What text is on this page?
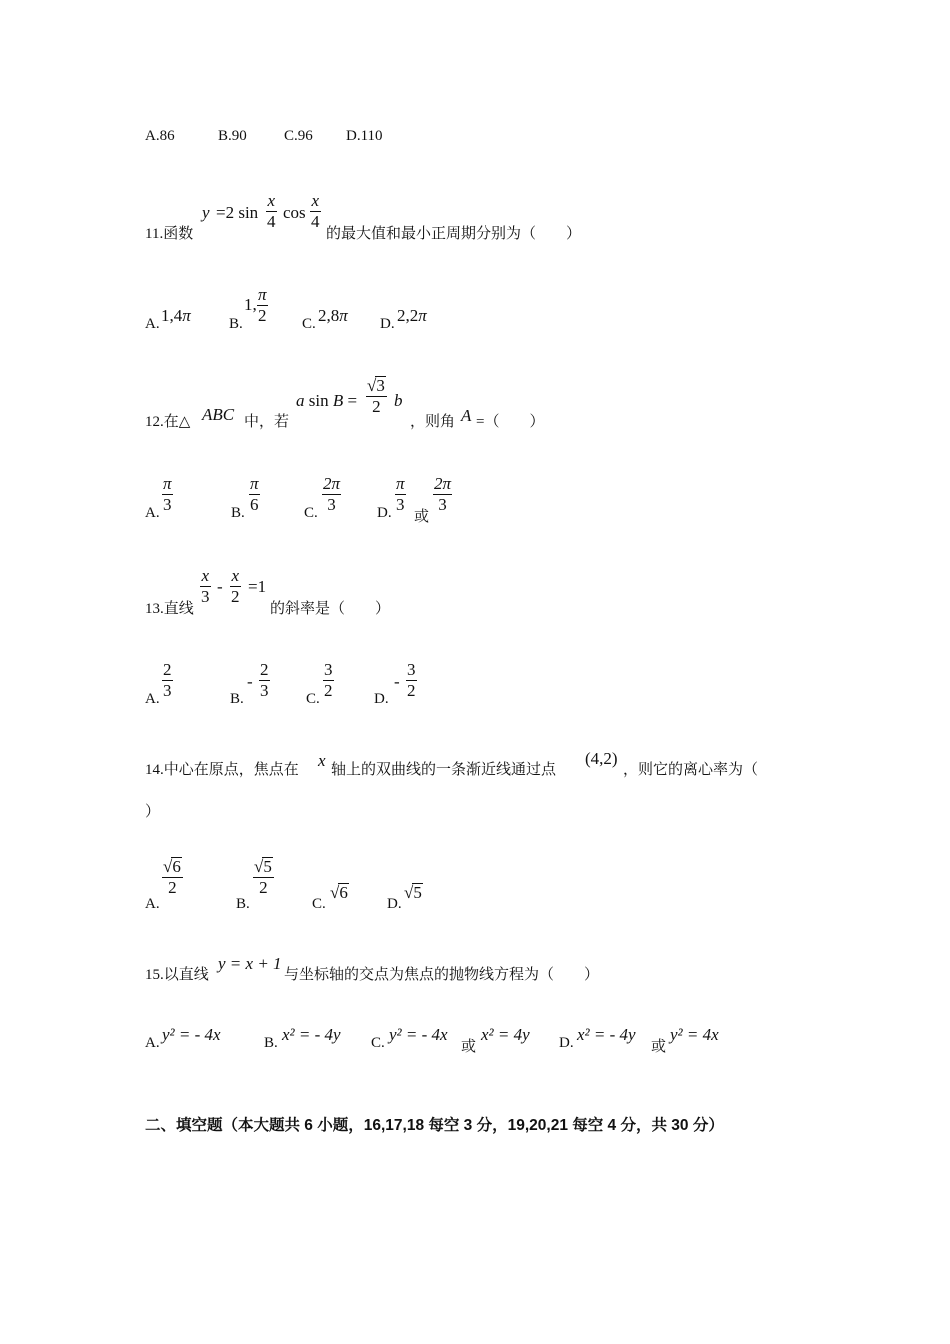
A.86	B.90 C.96 D.110
11.函数
y =2 $\sin \frac{x}{4}$ $\cos \frac{x}{4}$
的最大值和最小正周期分别为（　　）
A. 1,4π	B.
1, $\frac{\pi}{2} C$. 2,8π D. 2,2π
12.在△ ABC 中，若
a $\sin B = \frac{√3}{2}$ b
，则角 A =（　　）
A. $\frac{\pi}{3}$	B. $\frac{\pi}{6}$	C. $\frac{2\pi}{3} D$. $\frac{\pi}{3}$
或
$\frac{2\pi}{3}$
13.直线
$\frac{x}{3} - \frac{x}{2} =1$
的斜率是（　　）
A. $\frac{2}{3}$	B.
- $\frac{2}{3} C$. $\frac{3}{2}$	D.
- $\frac{3}{2}$
14.中心在原点，焦点在 x 轴上的双曲线的一条渐近线通过点
(4,2)
，则它的离心率为（
）
A.
$\frac{√6}{2}$
B.
$\frac{√5}{2}$
C.
√6
D.
√5
15.以直线
y = x + 1
与坐标轴的交点为焦点的抛物线方程为（　　）
A. y² = - 4x	B. x² = - 4y C. y² = - 4x
或
x² = 4y D. x² = - 4y
或
y² = 4x
二、填空题（本大题共 6 小题，16,17,18 每空 3 分，19,20,21 每空 4 分，共 30 分）
